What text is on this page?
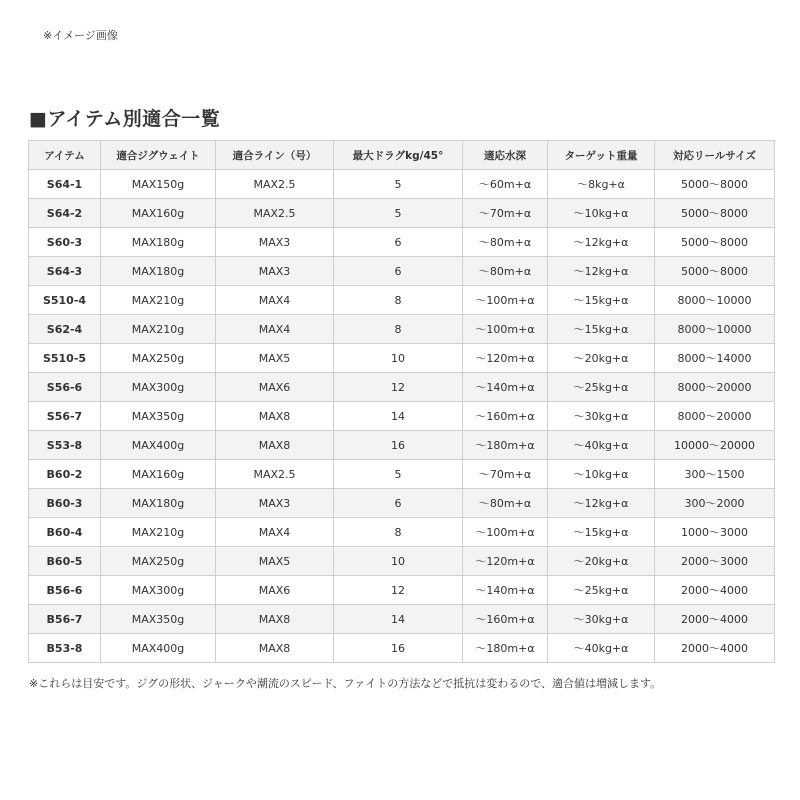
※イメージ画像
■アイテム別適合一覧
アイテム	適合ジグウェイト	適合ライン（号）	最大ドラグkg/45°	適応水深	ターゲット重量	対応リールサイズ
S64-1	MAX150g	MAX2.5	5	～60m+α	～8kg+α	5000～8000
S64-2	MAX160g	MAX2.5	5	～70m+α	～10kg+α	5000～8000
S60-3	MAX180g	MAX3	6	～80m+α	～12kg+α	5000～8000
S64-3	MAX180g	MAX3	6	～80m+α	～12kg+α	5000～8000
S510-4	MAX210g	MAX4	8	～100m+α	～15kg+α	8000～10000
S62-4	MAX210g	MAX4	8	～100m+α	～15kg+α	8000～10000
S510-5	MAX250g	MAX5	10	～120m+α	～20kg+α	8000～14000
S56-6	MAX300g	MAX6	12	～140m+α	～25kg+α	8000～20000
S56-7	MAX350g	MAX8	14	～160m+α	～30kg+α	8000～20000
S53-8	MAX400g	MAX8	16	～180m+α	～40kg+α	10000～20000
B60-2	MAX160g	MAX2.5	5	～70m+α	～10kg+α	300～1500
B60-3	MAX180g	MAX3	6	～80m+α	～12kg+α	300～2000
B60-4	MAX210g	MAX4	8	～100m+α	～15kg+α	1000～3000
B60-5	MAX250g	MAX5	10	～120m+α	～20kg+α	2000～3000
B56-6	MAX300g	MAX6	12	～140m+α	～25kg+α	2000～4000
B56-7	MAX350g	MAX8	14	～160m+α	～30kg+α	2000～4000
B53-8	MAX400g	MAX8	16	～180m+α	～40kg+α	2000～4000
※これらは目安です。ジグの形状、ジャークや潮流のスピード、ファイトの方法などで抵抗は変わるので、適合値は増減します。
